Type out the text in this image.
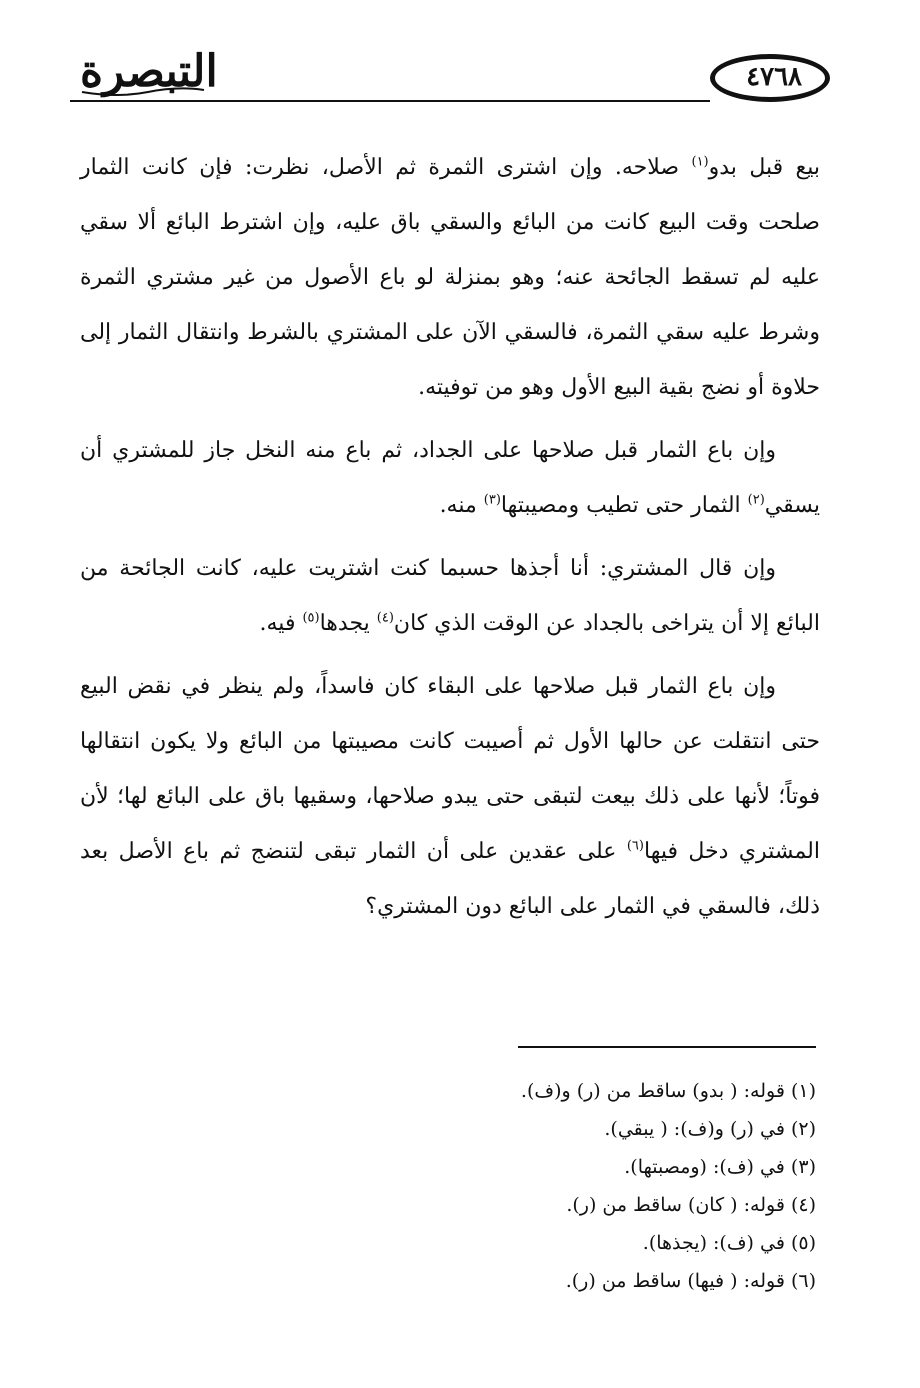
التبصرة	٤٧٦٨

بيع قبل بدو$^{(١)}$ صلاحه. وإن اشترى الثمرة ثم الأصل، نظرت: فإن كانت الثمار صلحت وقت البيع كانت من البائع والسقي باق عليه، وإن اشترط البائع ألا سقي عليه لم تسقط الجائحة عنه؛ وهو بمنزلة لو باع الأصول من غير مشتري الثمرة وشرط عليه سقي الثمرة، فالسقي الآن على المشتري بالشرط وانتقال الثمار إلى حلاوة أو نضج بقية البيع الأول وهو من توفيته.

وإن باع الثمار قبل صلاحها على الجداد، ثم باع منه النخل جاز للمشتري أن يسقي$^{(٢)}$ الثمار حتى تطيب ومصيبتها$^{(٣)}$ منه.

وإن قال المشتري: أنا أجذها حسبما كنت اشتريت عليه، كانت الجائحة من البائع إلا أن يتراخى بالجداد عن الوقت الذي كان$^{(٤)}$ يجدها$^{(٥)}$ فيه.

وإن باع الثمار قبل صلاحها على البقاء كان فاسداً، ولم ينظر في نقض البيع حتى انتقلت عن حالها الأول ثم أصيبت كانت مصيبتها من البائع ولا يكون انتقالها فوتاً؛ لأنها على ذلك بيعت لتبقى حتى يبدو صلاحها، وسقيها باق على البائع لها؛ لأن المشتري دخل فيها$^{(٦)}$ على عقدين على أن الثمار تبقى لتنضج ثم باع الأصل بعد ذلك، فالسقي في الثمار على البائع دون المشتري؟

(١) قوله: ( بدو) ساقط من (ر) و(ف).

(٢) في (ر) و(ف): ( يبقي).

(٣) في (ف): (ومصبتها).

(٤) قوله: ( كان) ساقط من (ر).

(٥) في (ف): (يجذها).

(٦) قوله: ( فيها) ساقط من (ر).
